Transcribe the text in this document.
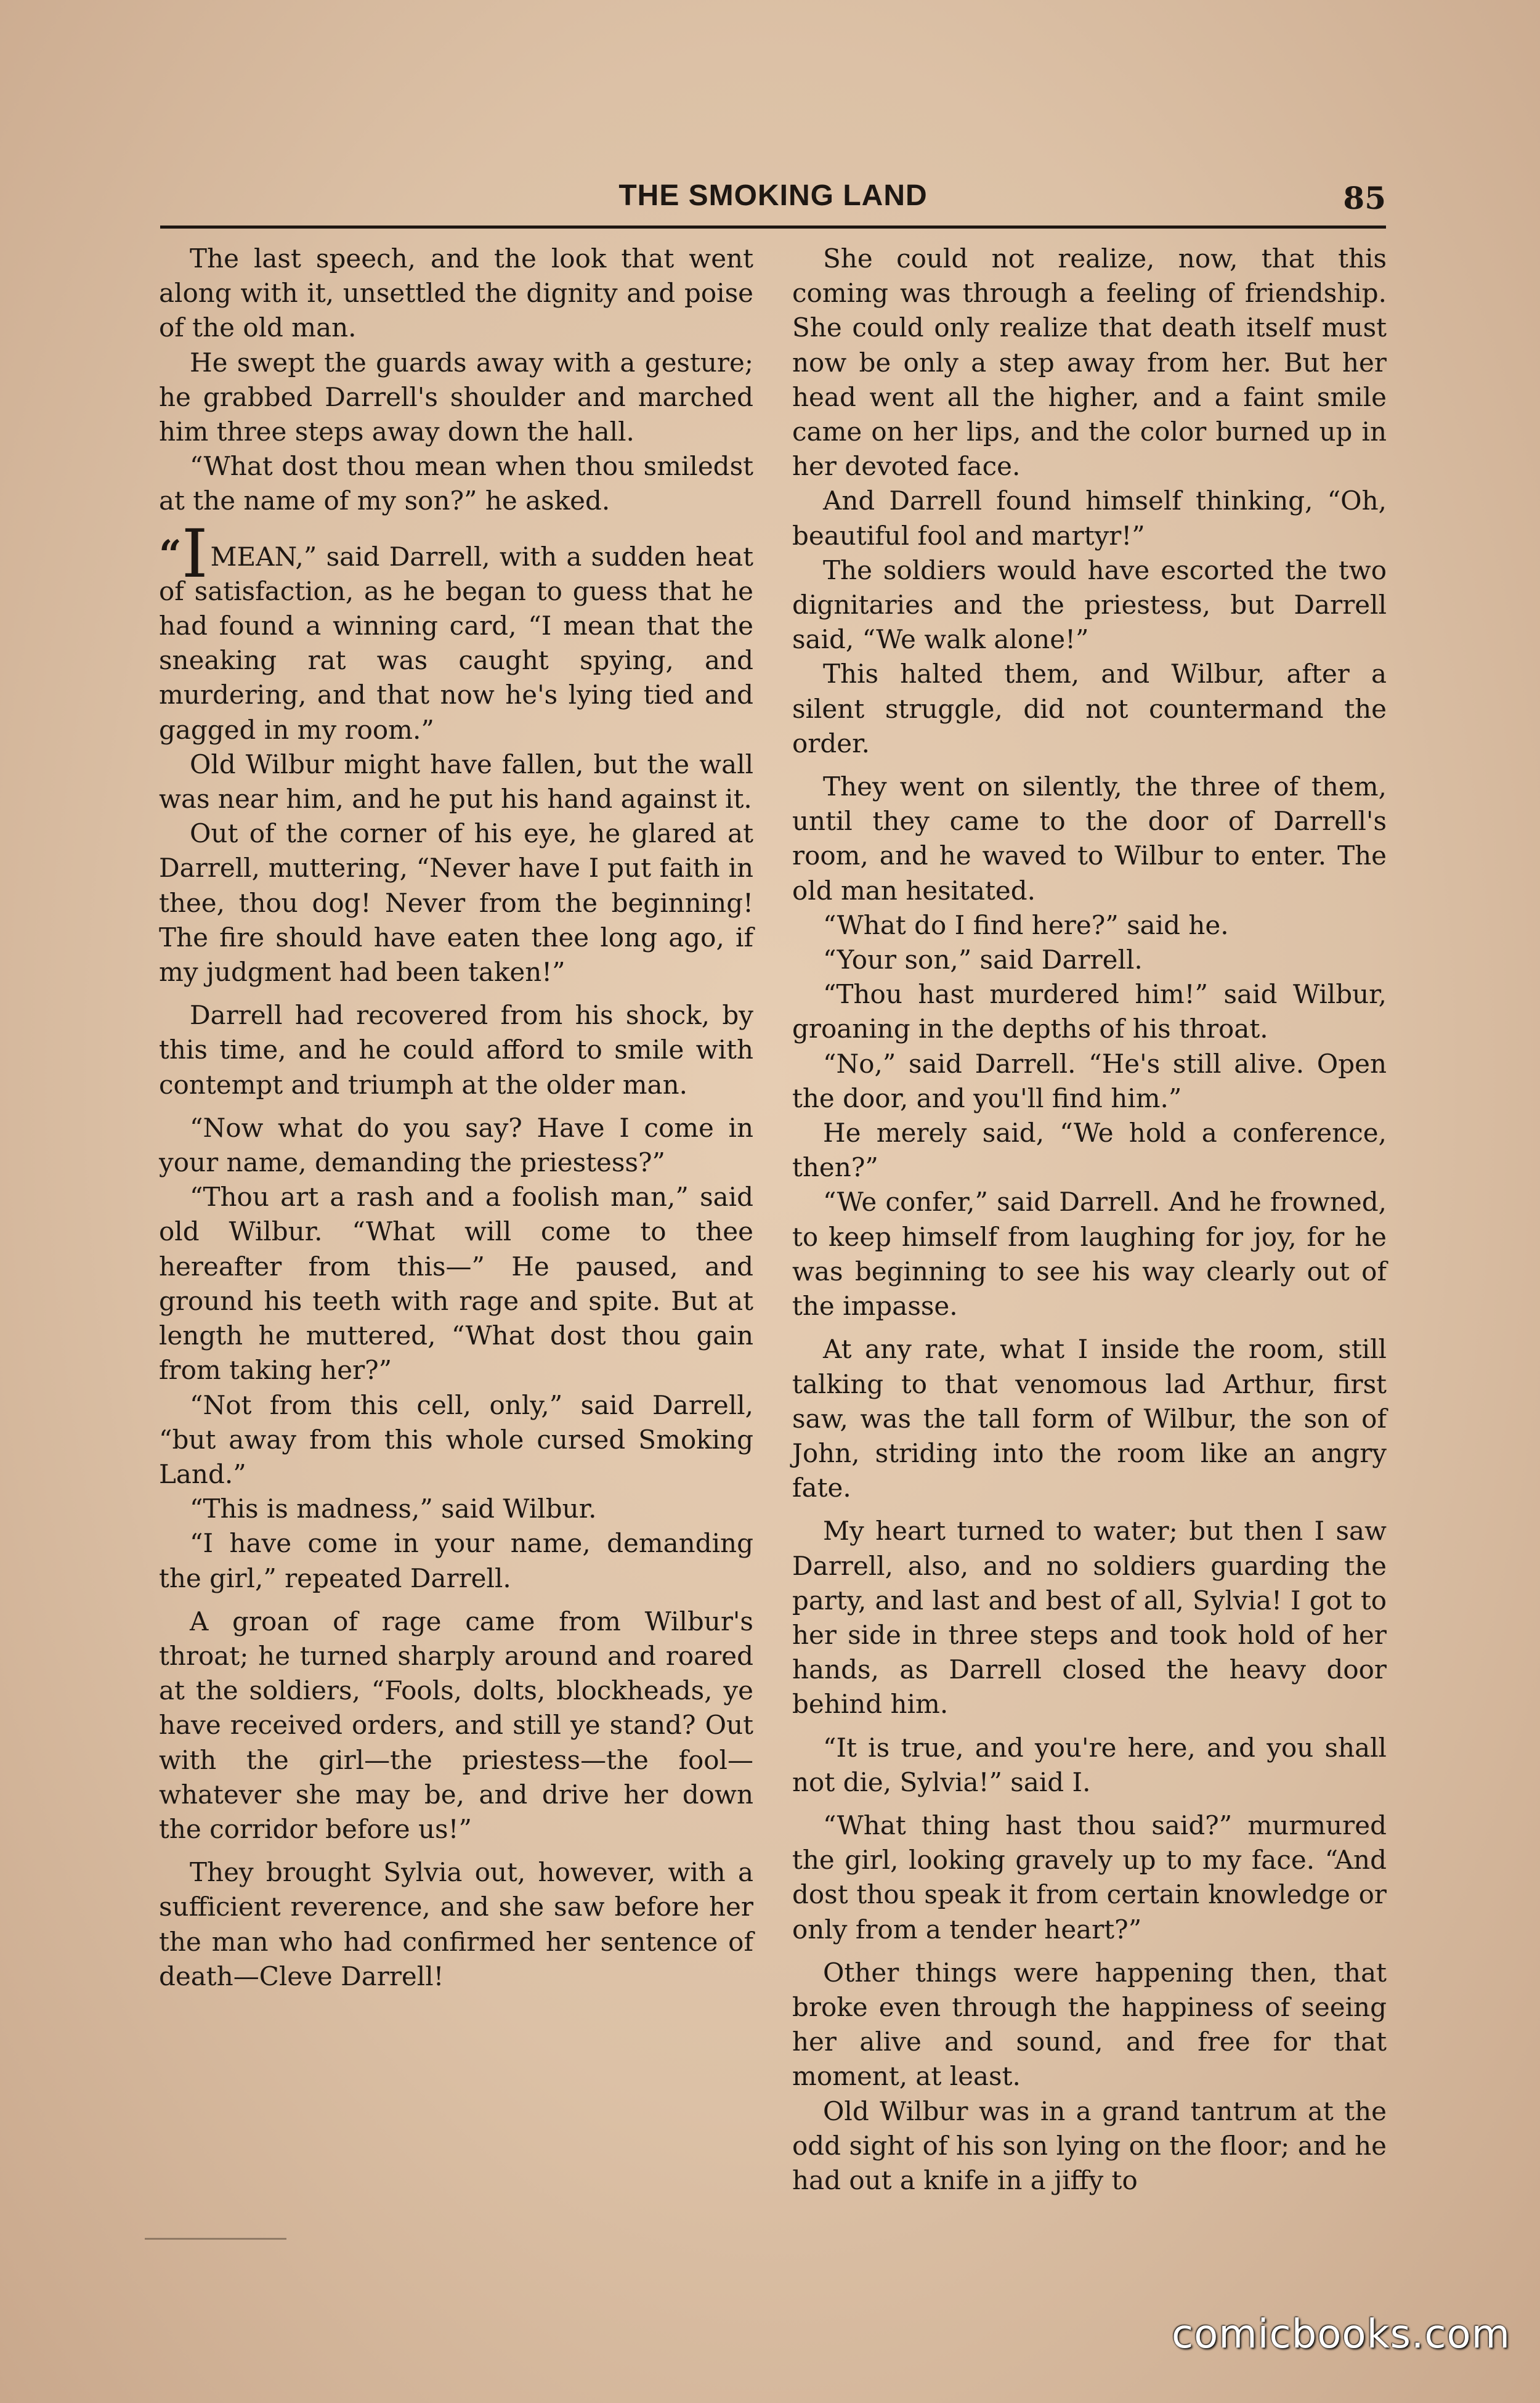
THE SMOKING LAND	85

The last speech, and the look that went along with it, unsettled the dignity and poise of the old man.

He swept the guards away with a gesture; he grabbed Darrell's shoulder and marched him three steps away down the hall.

“What dost thou mean when thou smiledst at the name of my son?” he asked.

“IMEAN,” said Darrell, with a sudden heat of satisfaction, as he began to guess that he had found a winning card, “I mean that the sneaking rat was caught spying, and murdering, and that now he's lying tied and gagged in my room.”

Old Wilbur might have fallen, but the wall was near him, and he put his hand against it.

Out of the corner of his eye, he glared at Darrell, muttering, “Never have I put faith in thee, thou dog! Never from the beginning! The fire should have eaten thee long ago, if my judgment had been taken!”

Darrell had recovered from his shock, by this time, and he could afford to smile with contempt and triumph at the older man.

“Now what do you say? Have I come in your name, demanding the priestess?”

“Thou art a rash and a foolish man,” said old Wilbur. “What will come to thee hereafter from this—” He paused, and ground his teeth with rage and spite. But at length he muttered, “What dost thou gain from taking her?”

“Not from this cell, only,” said Darrell, “but away from this whole cursed Smoking Land.”

“This is madness,” said Wilbur.

“I have come in your name, demanding the girl,” repeated Darrell.

A groan of rage came from Wilbur's throat; he turned sharply around and roared at the soldiers, “Fools, dolts, blockheads, ye have received orders, and still ye stand? Out with the girl—the priestess—the fool—whatever she may be, and drive her down the corridor before us!”

They brought Sylvia out, however, with a sufficient reverence, and she saw before her the man who had confirmed her sentence of death—Cleve Darrell!

She could not realize, now, that this coming was through a feeling of friendship. She could only realize that death itself must now be only a step away from her. But her head went all the higher, and a faint smile came on her lips, and the color burned up in her devoted face.

And Darrell found himself thinking, “Oh, beautiful fool and martyr!”

The soldiers would have escorted the two dignitaries and the priestess, but Darrell said, “We walk alone!”

This halted them, and Wilbur, after a silent struggle, did not countermand the order.

They went on silently, the three of them, until they came to the door of Darrell's room, and he waved to Wilbur to enter. The old man hesitated.

“What do I find here?” said he.

“Your son,” said Darrell.

“Thou hast murdered him!” said Wilbur, groaning in the depths of his throat.

“No,” said Darrell. “He's still alive. Open the door, and you'll find him.”

He merely said, “We hold a conference, then?”

“We confer,” said Darrell. And he frowned, to keep himself from laughing for joy, for he was beginning to see his way clearly out of the impasse.

At any rate, what I inside the room, still talking to that venomous lad Arthur, first saw, was the tall form of Wilbur, the son of John, striding into the room like an angry fate.

My heart turned to water; but then I saw Darrell, also, and no soldiers guarding the party, and last and best of all, Sylvia! I got to her side in three steps and took hold of her hands, as Darrell closed the heavy door behind him.

“It is true, and you're here, and you shall not die, Sylvia!” said I.

“What thing hast thou said?” murmured the girl, looking gravely up to my face. “And dost thou speak it from certain knowledge or only from a tender heart?”

Other things were happening then, that broke even through the happiness of seeing her alive and sound, and free for that moment, at least.

Old Wilbur was in a grand tantrum at the odd sight of his son lying on the floor; and he had out a knife in a jiffy to

comicbooks.com
